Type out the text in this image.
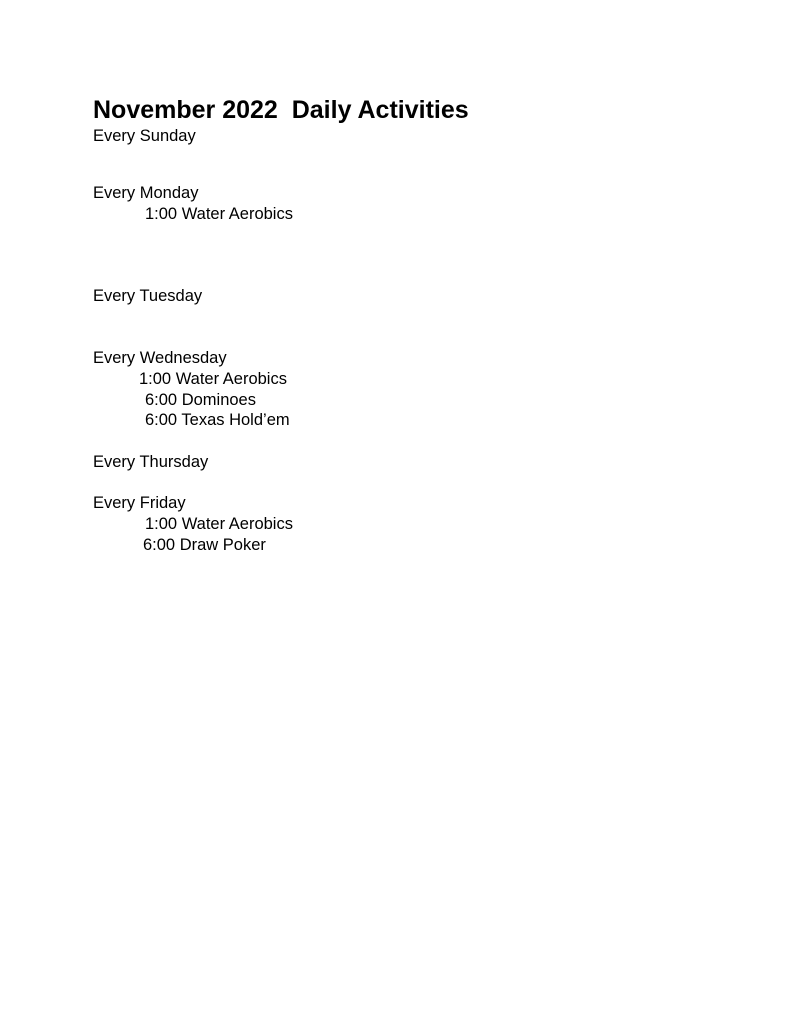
November 2022  Daily Activities

Every Sunday

Every Monday

1:00 Water Aerobics

Every Tuesday

Every Wednesday

1:00 Water Aerobics

6:00 Dominoes

6:00 Texas Hold’em

Every Thursday

Every Friday

1:00 Water Aerobics

6:00 Draw Poker
